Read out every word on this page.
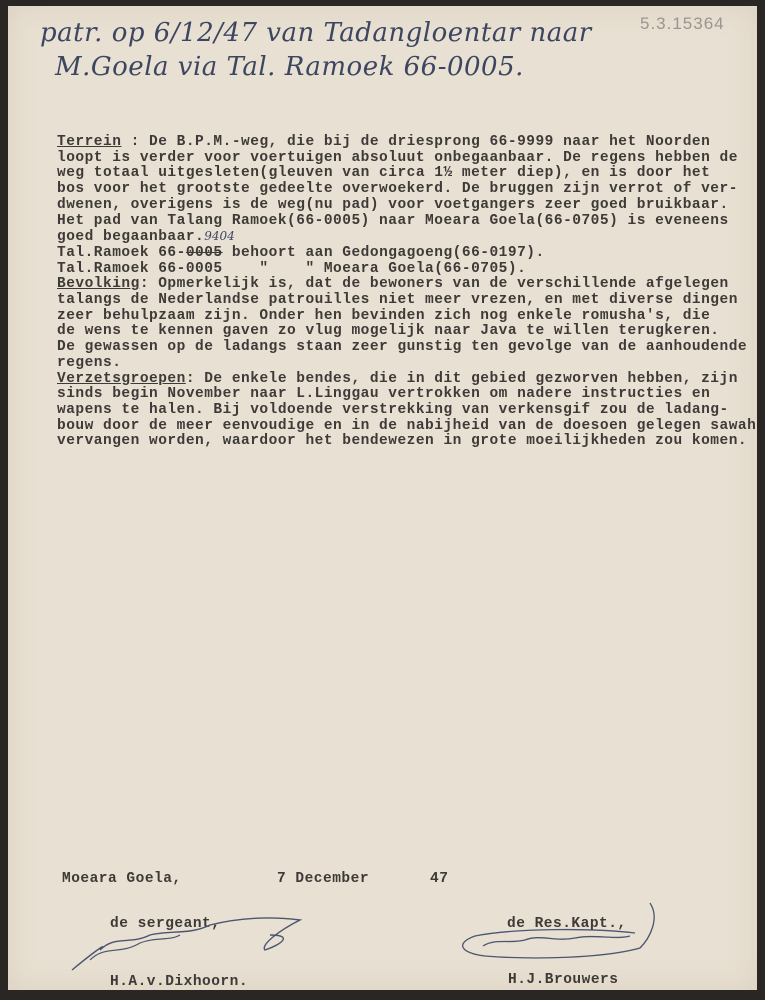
patr. op 6/12/47 van Tadangloentar naar
M.Goela via Tal. Ramoek 66-0005.
5.3.15364
Terrein : De B.P.M.-weg, die bij de driesprong 66-9999 naar het Noorden
loopt is verder voor voertuigen absoluut onbegaanbaar. De regens hebben de
weg totaal uitgesleten(gleuven van circa 1½ meter diep), en is door het
bos voor het grootste gedeelte overwoekerd. De bruggen zijn verrot of ver-
dwenen, overigens is de weg(nu pad) voor voetgangers zeer goed bruikbaar.
Het pad van Talang Ramoek(66-0005) naar Moeara Goela(66-0705) is eveneens
goed begaanbaar.9404
Tal.Ramoek 66-0005 behoort aan Gedongagoeng(66-0197).
Tal.Ramoek 66-0005    "    " Moeara Goela(66-0705).
Bevolking: Opmerkelijk is, dat de bewoners van de verschillende afgelegen
talangs de Nederlandse patrouilles niet meer vrezen, en met diverse dingen
zeer behulpzaam zijn. Onder hen bevinden zich nog enkele romusha's, die
de wens te kennen gaven zo vlug mogelijk naar Java te willen terugkeren.
De gewassen op de ladangs staan zeer gunstig ten gevolge van de aanhoudende
regens.
Verzetsgroepen: De enkele bendes, die in dit gebied gezworven hebben, zijn
sinds begin November naar L.Linggau vertrokken om nadere instructies en
wapens te halen. Bij voldoende verstrekking van verkensgif zou de ladang-
bouw door de meer eenvoudige en in de nabijheid van de doesoen gelegen sawah
vervangen worden, waardoor het bendewezen in grote moeilijkheden zou komen.
Moeara Goela,	7 December	47
de sergeant,	de Res.Kapt.,
H.A.v.Dixhoorn.	H.J.Brouwers
